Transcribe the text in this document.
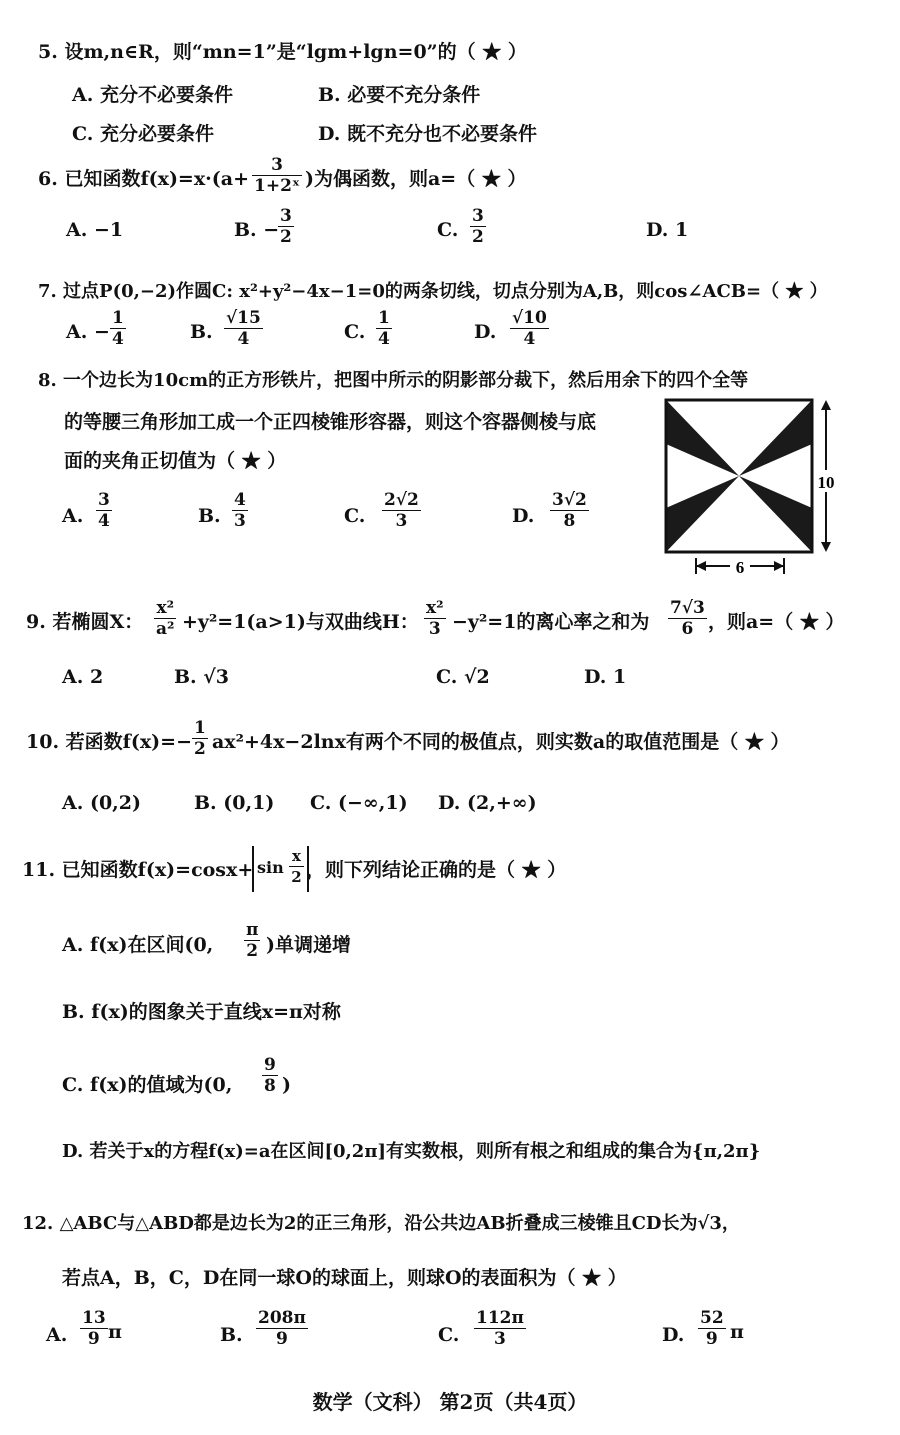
5. 设m,n∈R，则“mn=1”是“lgm+lgn=0”的（ ★ ）
A. 充分不必要条件	B. 必要不充分条件
C. 充分必要条件	D. 既不充分也不必要条件
6. 已知函数$f(x)=x\cdot(a+ \frac{3}{\text{1+2ˣ}}$ )为偶函数，则a=（ ★ ）
A. −1	B. −
$\frac{3}{2}$	C. $\frac{3}{2}$	D. 1
7. 过点P(0,−2)作圆C: x²+y²−4x−1=0的两条切线，切点分别为A,B，则cos∠ACB=（ ★ ）
A. − $\frac{1}{4}$	B. $\frac{√15}{4}$	C. $\frac{1}{4}$	D. $\frac{√10}{4}$
8. 一个边长为10cm的正方形铁片，把图中所示的阴影部分裁下，然后用余下的四个全等
的等腰三角形加工成一个正四棱锥形容器，则这个容器侧棱与底
面的夹角正切值为（ ★ ）
A. $\frac{3}{4}$	B. $\frac{4}{3}$	C. $\frac{2√2}{3}$	D. $\frac{3√2}{8}$
10
6
9. 若椭圆X： $\frac{\text{x²}}{\text{a²}} +y^2=1(a>1)$与双曲线H： $\frac{\text{x²}}{3} -y^2=1$的离心率之和为 $\frac{7√3}{6}$ ，则a=（ ★ ）
A. 2	B. √3	C. √2	D. 1
10. 若函数$f(x)=- \frac{1}{2} ax^2+4x-2\ln x$有两个不同的极值点，则实数a的取值范围是（ ★ ）
A. (0,2)	B. (0,1) C. (−∞,1) D. (2,+∞)
11. 已知函数$f(x)=\cos x+ \sin \frac{x}{2}$ ，则下列结论正确的是（ ★ ）
A. f(x)在区间(0, $\frac{\pi}{2}$ )单调递增
B. f(x)的图象关于直线x=π对称
C. f(x)的值域为(0, $\frac{9}{8}$ )
D. 若关于x的方程f(x)=a在区间[0,2π]有实数根，则所有根之和组成的集合为{π,2π}
12. △ABC与△ABD都是边长为2的正三角形，沿公共边AB折叠成三棱锥且CD长为√3，
若点A，B，C，D在同一球O的球面上，则球O的表面积为（ ★ ）
A. $\frac{13}{9}$ π	B. $\frac{208\pi}{9}$	C. $\frac{112\pi}{3}$	D. $\frac{52}{9}$ π
数学（文科） 第2页（共4页）
